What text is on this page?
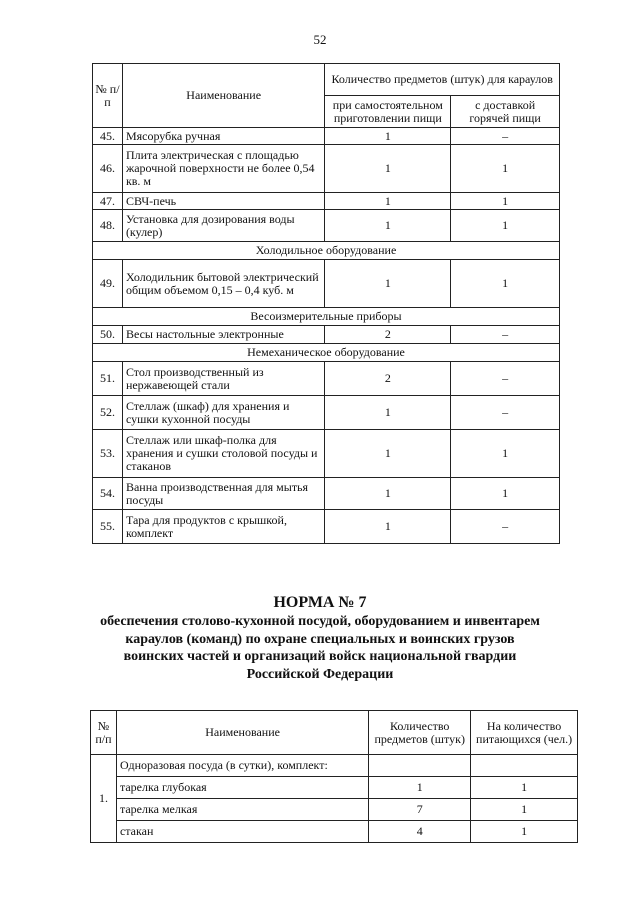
52
№ п/п	Наименование	Количество предметов (штук) для караулов	
		при самостоятельном приготовлении пищи	с доставкой горячей пищи
45.	Мясорубка ручная	1	–
46.	Плита электрическая с площадью жарочной поверхности не более 0,54 кв. м	1	1
47.	СВЧ-печь	1	1
48.	Установка для дозирования воды (кулер)	1	1
Холодильное оборудование			
49.	Холодильник бытовой электрический общим объемом 0,15 – 0,4 куб. м	1	1
Весоизмерительные приборы			
50.	Весы настольные электронные	2	–
Немеханическое оборудование			
51.	Стол производственный из нержавеющей стали	2	–
52.	Стеллаж (шкаф) для хранения и сушки кухонной посуды	1	–
53.	Стеллаж или шкаф-полка для хранения и сушки столовой посуды и стаканов	1	1
54.	Ванна производственная для мытья посуды	1	1
55.	Тара для продуктов с крышкой, комплект	1	–
НОРМА № 7
обеспечения столово-кухонной посудой, оборудованием и инвентарем
караулов (команд) по охране специальных и воинских грузов
воинских частей и организаций войск национальной гвардии
Российской Федерации
№ п/п	Наименование	Количество предметов (штук)	На количество питающихся (чел.)
1.	Одноразовая посуда (в сутки), комплект:		
	тарелка глубокая	1	1
	тарелка мелкая	7	1
	стакан	4	1
